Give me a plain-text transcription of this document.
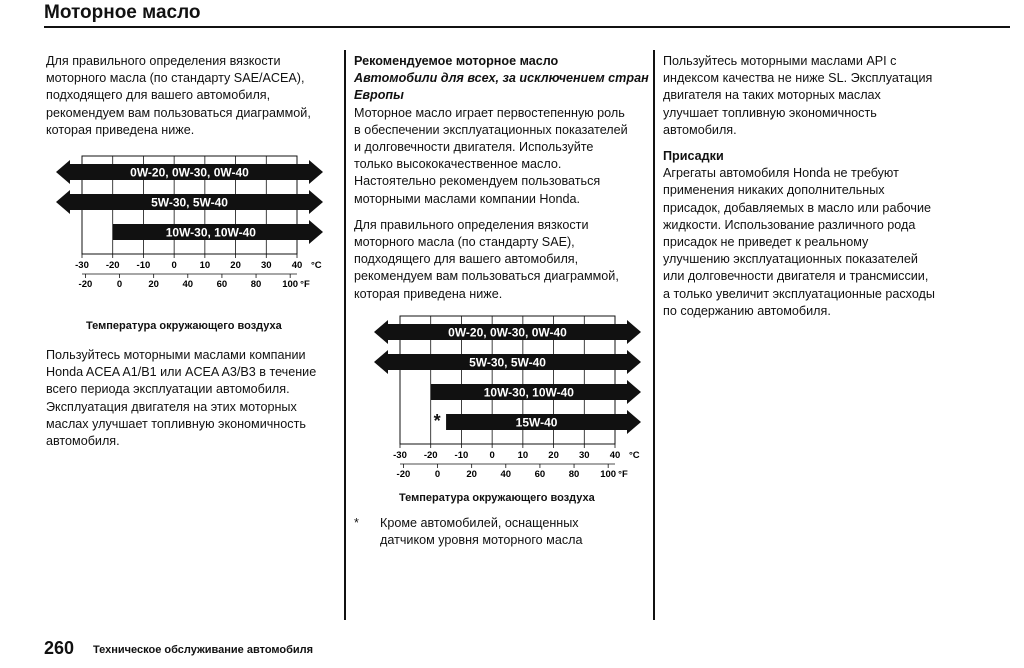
Моторное масло

Для правильного определения вязкости

моторного масла (по стандарту SAE/ACEA),

подходящего для вашего автомобиля,

рекомендуем вам пользоваться диаграммой,

которая приведена ниже.

0W-20, 0W-30, 0W-40
5W-30, 5W-40
10W-30, 10W-40
-30 -20 -10 0 10 20 30 40 °C
-20	0	20 40 60 80 100 °F
Температура окружающего воздуха

Пользуйтесь моторными маслами компании

Honda ACEA A1/B1 или ACEA A3/B3 в течение

всего периода эксплуатации автомобиля.

Эксплуатация двигателя на этих моторных

маслах улучшает топливную экономичность

автомобиля.

Рекомендуемое моторное масло

Автомобили для всех, за исключением стран

Европы

Моторное масло играет первостепенную роль

в обеспечении эксплуатационных показателей

и долговечности двигателя. Используйте

только высококачественное масло.

Настоятельно рекомендуем пользоваться

моторными маслами компании Honda.

Для правильного определения вязкости

моторного масла (по стандарту SAE),

подходящего для вашего автомобиля,

рекомендуем вам пользоваться диаграммой,

которая приведена ниже.

0W-20, 0W-30, 0W-40
5W-30, 5W-40
10W-30, 10W-40
15W-40
*
-30 -20 -10 0 10 20 30 40 °C
-20	0	20 40 60 80 100 °F
Температура окружающего воздуха
* Кроме автомобилей, оснащенных
датчиком уровня моторного масла

Пользуйтесь моторными маслами API с

индексом качества не ниже SL. Эксплуатация

двигателя на таких моторных маслах

улучшает топливную экономичность

автомобиля.

Присадки

Агрегаты автомобиля Honda не требуют

применения никаких дополнительных

присадок, добавляемых в масло или рабочие

жидкости. Использование различного рода

присадок не приведет к реальному

улучшению эксплуатационных показателей

или долговечности двигателя и трансмиссии,

а только увеличит эксплуатационные расходы

по содержанию автомобиля.

260 Техническое обслуживание автомобиля
